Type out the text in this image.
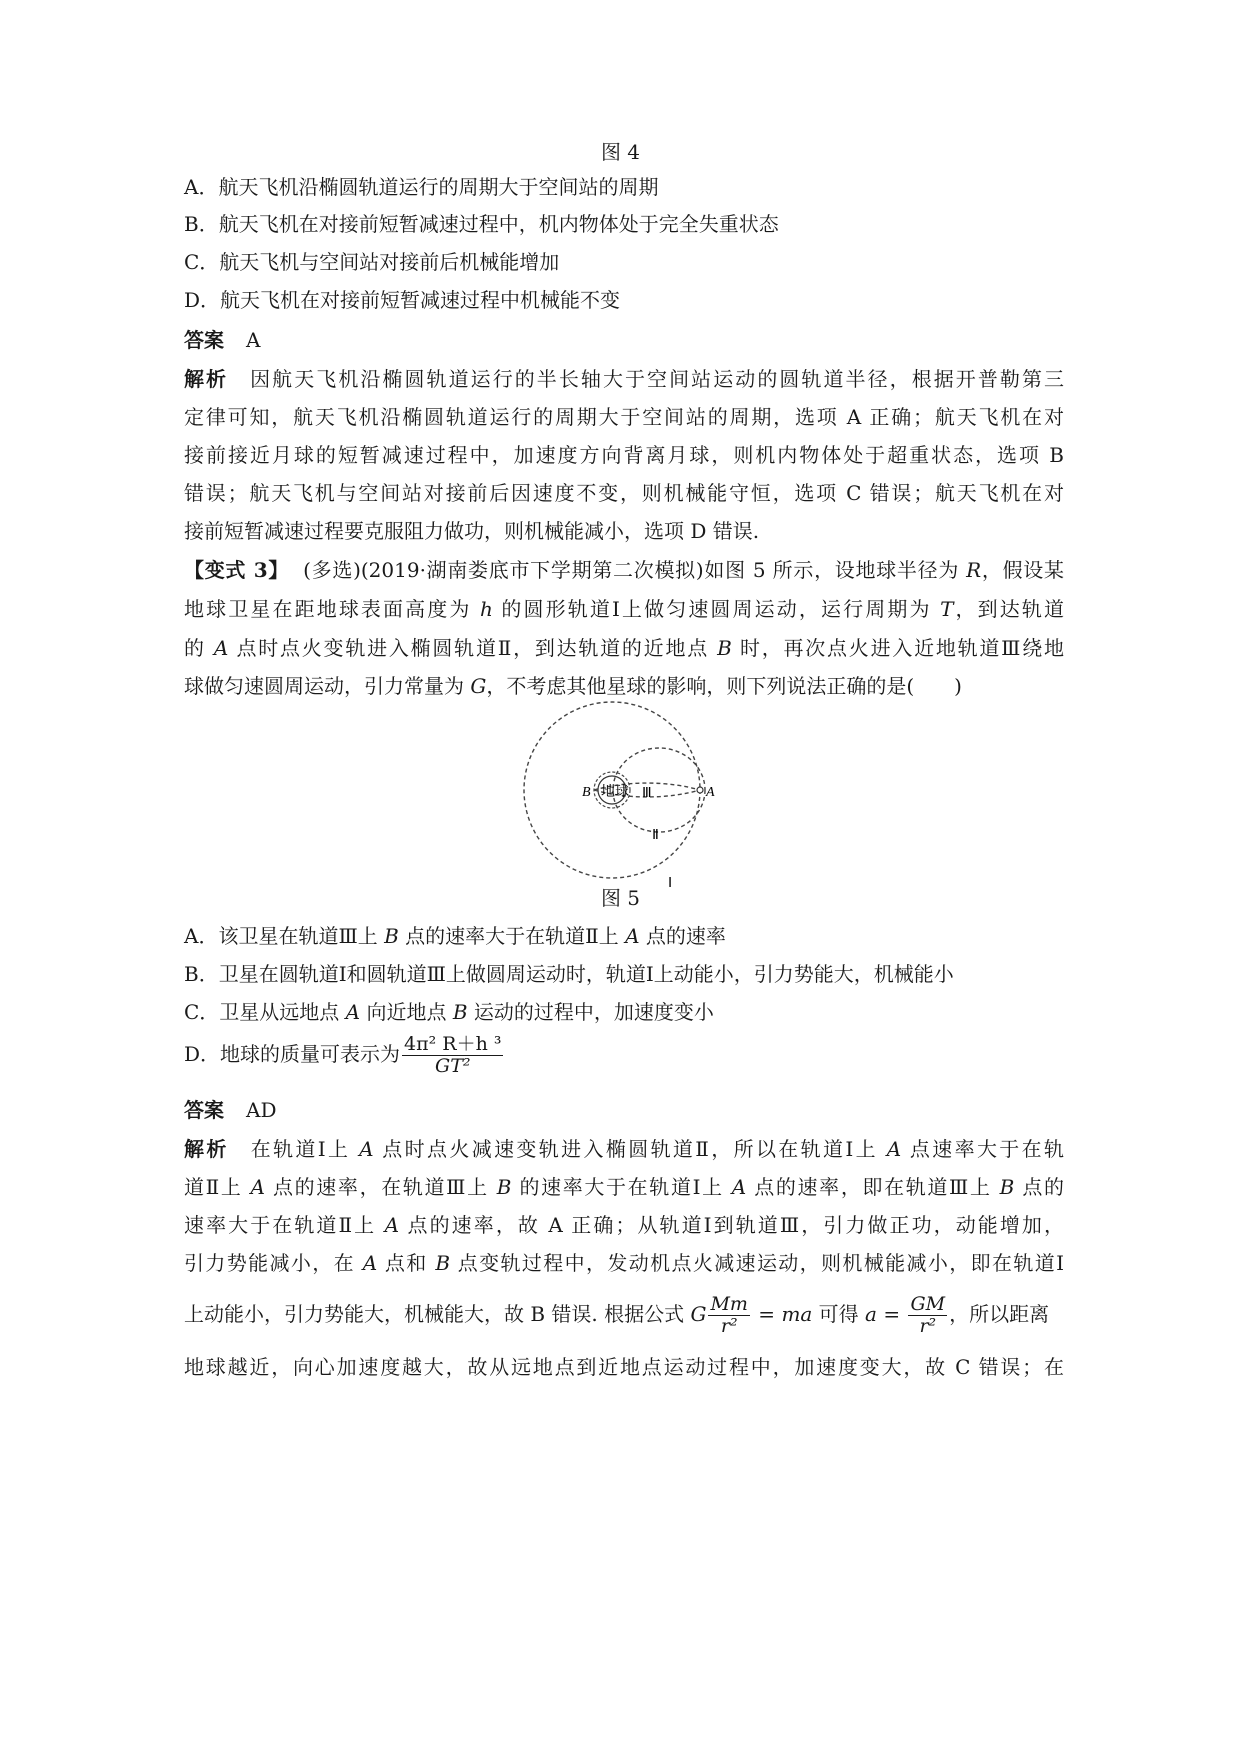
图 4
A．航天飞机沿椭圆轨道运行的周期大于空间站的周期
B．航天飞机在对接前短暂减速过程中，机内物体处于完全失重状态
C．航天飞机与空间站对接前后机械能增加
D．航天飞机在对接前短暂减速过程中机械能不变
答案 A
解析 因航天飞机沿椭圆轨道运行的半长轴大于空间站运动的圆轨道半径，根据开普勒第三
定律可知，航天飞机沿椭圆轨道运行的周期大于空间站的周期，选项 A 正确；航天飞机在对
接前接近月球的短暂减速过程中，加速度方向背离月球，则机内物体处于超重状态，选项 B
错误；航天飞机与空间站对接前后因速度不变，则机械能守恒，选项 C 错误；航天飞机在对
接前短暂减速过程要克服阻力做功，则机械能减小，选项 D 错误.
【变式 3】 (多选)(2019·湖南娄底市下学期第二次模拟)如图 5 所示，设地球半径为 R，假设某
地球卫星在距地球表面高度为 h 的圆形轨道Ⅰ上做匀速圆周运动，运行周期为 T，到达轨道
的 A 点时点火变轨进入椭圆轨道Ⅱ，到达轨道的近地点 B 时，再次点火进入近地轨道Ⅲ绕地
球做匀速圆周运动，引力常量为 G，不考虑其他星球的影响，则下列说法正确的是(　　)
地球
B	A
Ⅲ
Ⅱ
Ⅰ
图 5
A．该卫星在轨道Ⅲ上 B 点的速率大于在轨道Ⅱ上 A 点的速率
B．卫星在圆轨道Ⅰ和圆轨道Ⅲ上做圆周运动时，轨道Ⅰ上动能小，引力势能大，机械能小
C．卫星从远地点 A 向近地点 B 运动的过程中，加速度变小
D．地球的质量可表示为 $\frac{\text{4π² R＋h ³}}{\text{GT²}}$
答案 AD
解析 在轨道Ⅰ上 A 点时点火减速变轨进入椭圆轨道Ⅱ，所以在轨道Ⅰ上 A 点速率大于在轨
道Ⅱ上 A 点的速率，在轨道Ⅲ上 B 的速率大于在轨道Ⅰ上 A 点的速率，即在轨道Ⅲ上 B 点的
速率大于在轨道Ⅱ上 A 点的速率，故 A 正确；从轨道Ⅰ到轨道Ⅲ，引力做正功，动能增加，
引力势能减小，在 A 点和 B 点变轨过程中，发动机点火减速运动，则机械能减小，即在轨道Ⅰ
上动能小，引力势能大，机械能大，故 B 错误. 根据公式 G $\frac{Mm}{\text{r²}}$ = ma 可得 $a = \frac{GM}{\text{r²}}$ ，所以距离
地球越近，向心加速度越大，故从远地点到近地点运动过程中，加速度变大，故 C 错误；在
